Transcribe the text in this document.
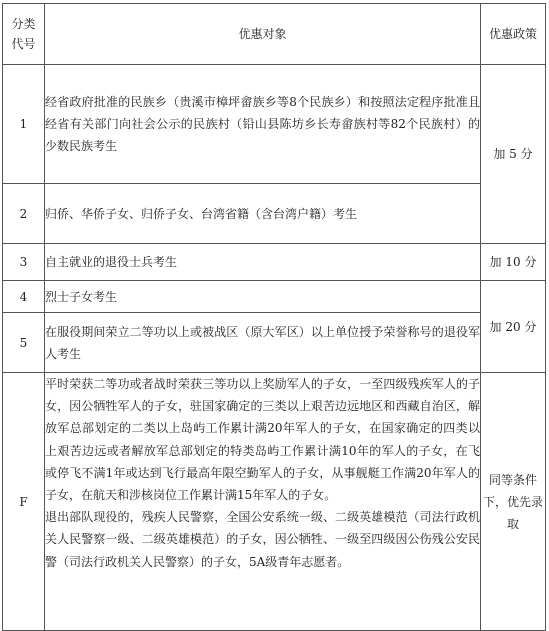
分类
代号	优惠对象	优惠政策
1	经省政府批准的民族乡（贵溪市樟坪畲族乡等8个民族乡）和按照法定程序批准且经省有关部门向社会公示的民族村（铅山县陈坊乡长寿畲族村等82个民族村）的少数民族考生	加 5 分
2	归侨、华侨子女、归侨子女、台湾省籍（含台湾户籍）考生	
3	自主就业的退役士兵考生	加 10 分
4	烈士子女考生	加 20 分
5	在服役期间荣立二等功以上或被战区（原大军区）以上单位授予荣誉称号的退役军人考生	
F	平时荣获二等功或者战时荣获三等功以上奖励军人的子女，一至四级残疾军人的子女，因公牺牲军人的子女，驻国家确定的三类以上艰苦边远地区和西藏自治区，解放军总部划定的二类以上岛屿工作累计满20年军人的子女，在国家确定的四类以上艰苦边远或者解放军总部划定的特类岛屿工作累计满10年的军人的子女，在飞或停飞不满1年或达到飞行最高年限空勤军人的子女，从事舰艇工作满20年军人的子女，在航天和涉核岗位工作累计满15年军人的子女。

退出部队现役的，残疾人民警察，全国公安系统一级、二级英雄模范（司法行政机关人民警察一级、二级英雄模范）的子女，因公牺牲、一级至四级因公伤残公安民警（司法行政机关人民警察）的子女，5A级青年志愿者。	同等条件下，优先录取
